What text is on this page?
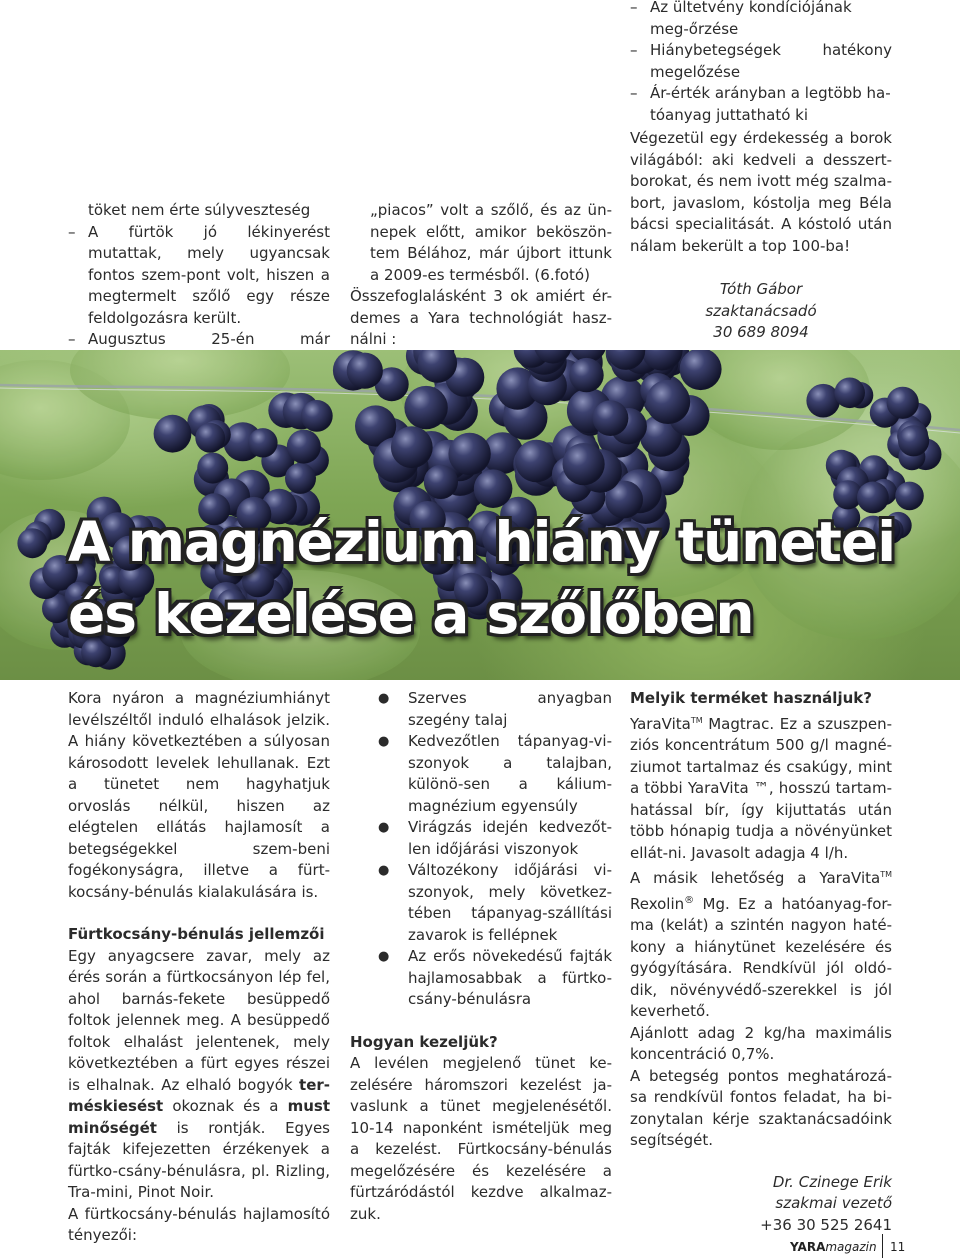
– Az ültetvény kondíciójának meg-őrzése
– Hiánybetegségek hatékony megelőzése
– Ár-érték arányban a legtöbb ha-tóanyag juttatható ki

töket nem érte súlyveszteség

– A fürtök jó lékinyerést mutattak, mely ugyancsak fontos szem-pont volt, hiszen a megtermelt szőlő egy része feldolgozásra került.
– Augusztus 25-én már

„piacos” volt a szőlő, és az ün-nepek előtt, amikor beköszön-tem Bélához, már újbort ittunk a 2009-es termésből. (6.fotó)

Összefoglalásként 3 ok amiért ér-demes a Yara technológiát hasz-nálni :

Végezetül egy érdekesség a borok világából: aki kedveli a desszert-borokat, és nem ivott még szalma-bort, javaslom, kóstolja meg Béla bácsi specialitását. A kóstoló után nálam bekerült a top 100-ba!

Tóth Gábor
szaktanácsadó
30 689 8094
A magnézium hiány tünetei
és kezelése a szőlőben

Kora nyáron a magnéziumhiányt levélszéltől induló elhalások jelzik. A hiány következtében a súlyosan károsodott levelek lehullanak. Ezt a tünetet nem hagyhatjuk orvoslás nélkül, hiszen az elégtelen ellátás hajlamosít a betegségekkel szem-beni fogékonyságra, illetve a fürt-kocsány-bénulás kialakulására is.

Fürtkocsány-bénulás jellemzői

Egy anyagcsere zavar, mely az érés során a fürtkocsányon lép fel, ahol barnás-fekete besüppedő foltok jelennek meg. A besüppedő foltok elhalást jelentenek, mely következtében a fürt egyes részei is elhalnak. Az elhaló bogyók ter-méskiesést okoznak és a must minőségét is rontják. Egyes fajták kifejezetten érzékenyek a fürtko-csány-bénulásra, pl. Rizling, Tra-mini, Pinot Noir.

A fürtkocsány-bénulás hajlamosító tényezői:

●	Szerves anyagban szegény talaj
●	Kedvezőtlen tápanyag-vi-szonyok a talajban, különö-sen a kálium-magnézium egyensúly
●	Virágzás idején kedvezőt-len időjárási viszonyok
●	Változékony időjárási vi-szonyok, mely következ-tében tápanyag-szállítási zavarok is fellépnek
●	Az erős növekedésű fajták hajlamosabbak a fürtko-csány-bénulásra
Hogyan kezeljük?

A levélen megjelenő tünet ke-zelésére háromszori kezelést ja-vaslunk a tünet megjelenésétől. 10-14 naponként ismételjük meg a kezelést. Fürtkocsány-bénulás megelőzésére és kezelésére a fürtzáródástól kezdve alkalmaz-zuk.

Melyik terméket használjuk?

YaraVita™ Magtrac. Ez a szuszpen-ziós koncentrátum 500 g/l magné-ziumot tartalmaz és csakúgy, mint a többi YaraVita ™, hosszú tartam-hatással bír, így kijuttatás után több hónapig tudja a növényünket ellát-ni. Javasolt adagja 4 l/h.

A másik lehetőség a YaraVita™ Rexolin® Mg. Ez a hatóanyag-for-ma (kelát) a szintén nagyon haté-kony a hiánytünet kezelésére és gyógyítására. Rendkívül jól oldó-dik, növényvédő-szerekkel is jól keverhető.

Ajánlott adag 2 kg/ha maximális koncentráció 0,7%.

A betegség pontos meghatározá-sa rendkívül fontos feladat, ha bi-zonytalan kérje szaktanácsadóink segítségét.

Dr. Czinege Erik
szakmai vezető
+36 30 525 2641
YARAmagazin 11
